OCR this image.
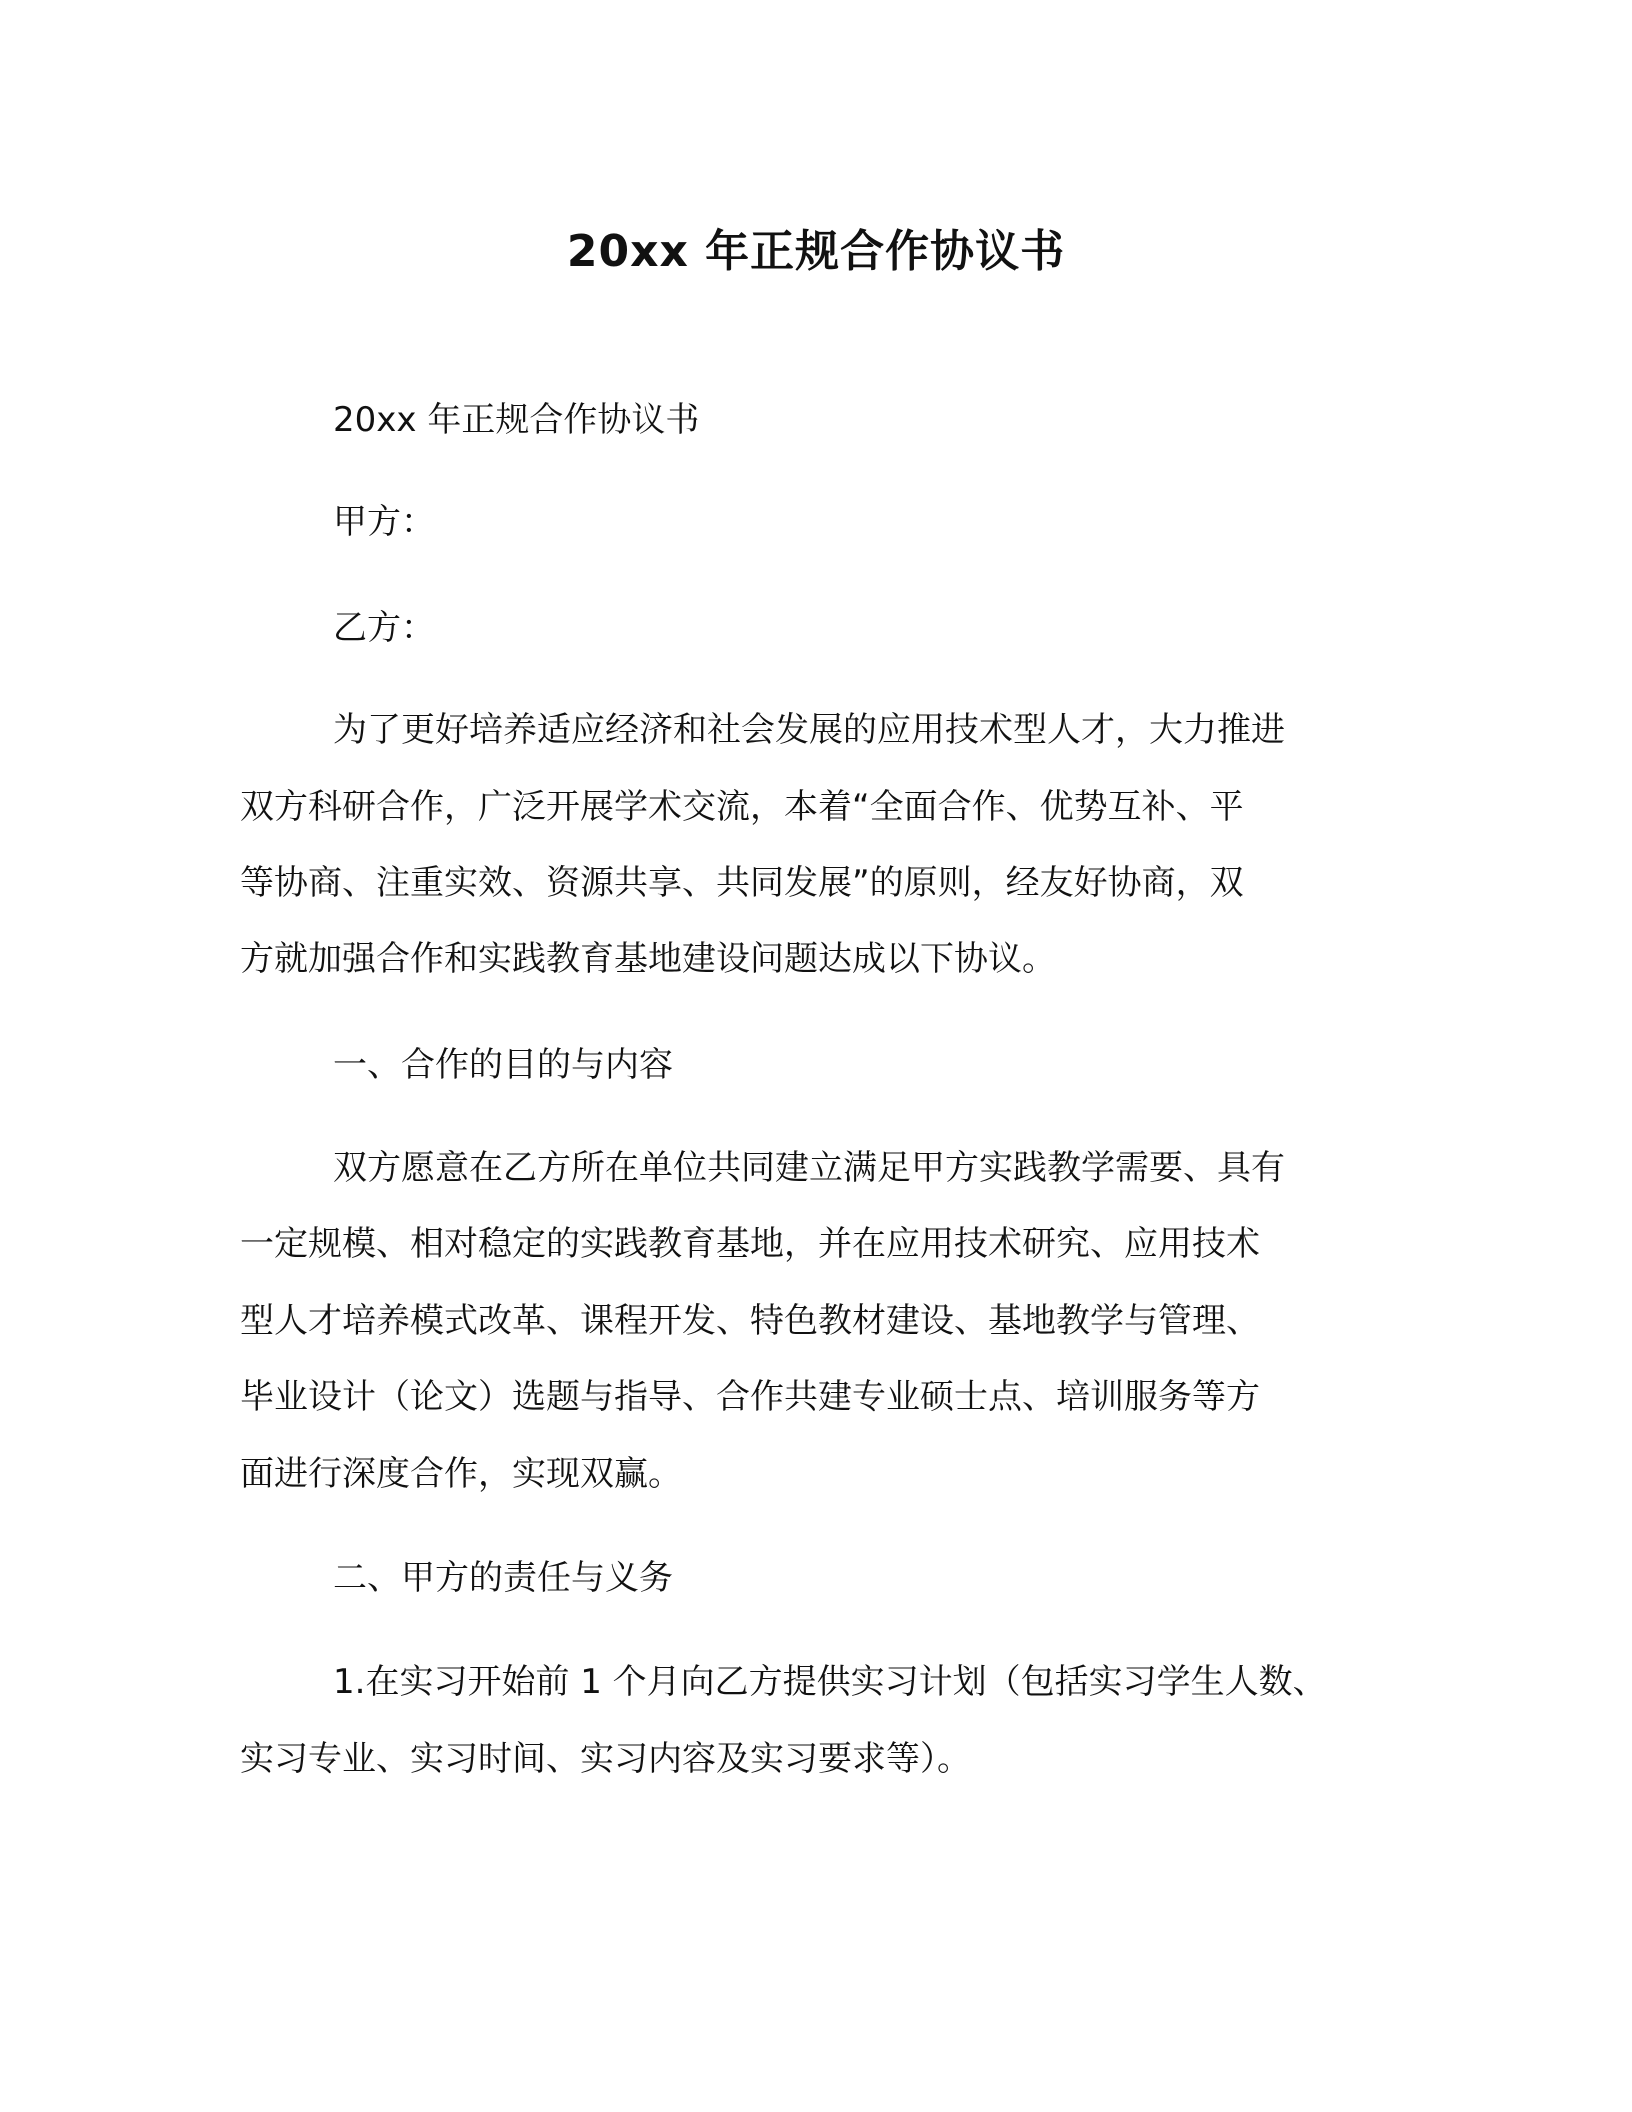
20xx 年正规合作协议书
20xx 年正规合作协议书
甲方：
乙方：
为了更好培养适应经济和社会发展的应用技术型人才，大力推进
双方科研合作，广泛开展学术交流，本着“全面合作、优势互补、平
等协商、注重实效、资源共享、共同发展”的原则，经友好协商，双
方就加强合作和实践教育基地建设问题达成以下协议。
一、合作的目的与内容
双方愿意在乙方所在单位共同建立满足甲方实践教学需要、具有
一定规模、相对稳定的实践教育基地，并在应用技术研究、应用技术
型人才培养模式改革、课程开发、特色教材建设、基地教学与管理、
毕业设计（论文）选题与指导、合作共建专业硕士点、培训服务等方
面进行深度合作，实现双赢。
二、甲方的责任与义务
1.在实习开始前 1 个月向乙方提供实习计划（包括实习学生人数、
实习专业、实习时间、实习内容及实习要求等）。
